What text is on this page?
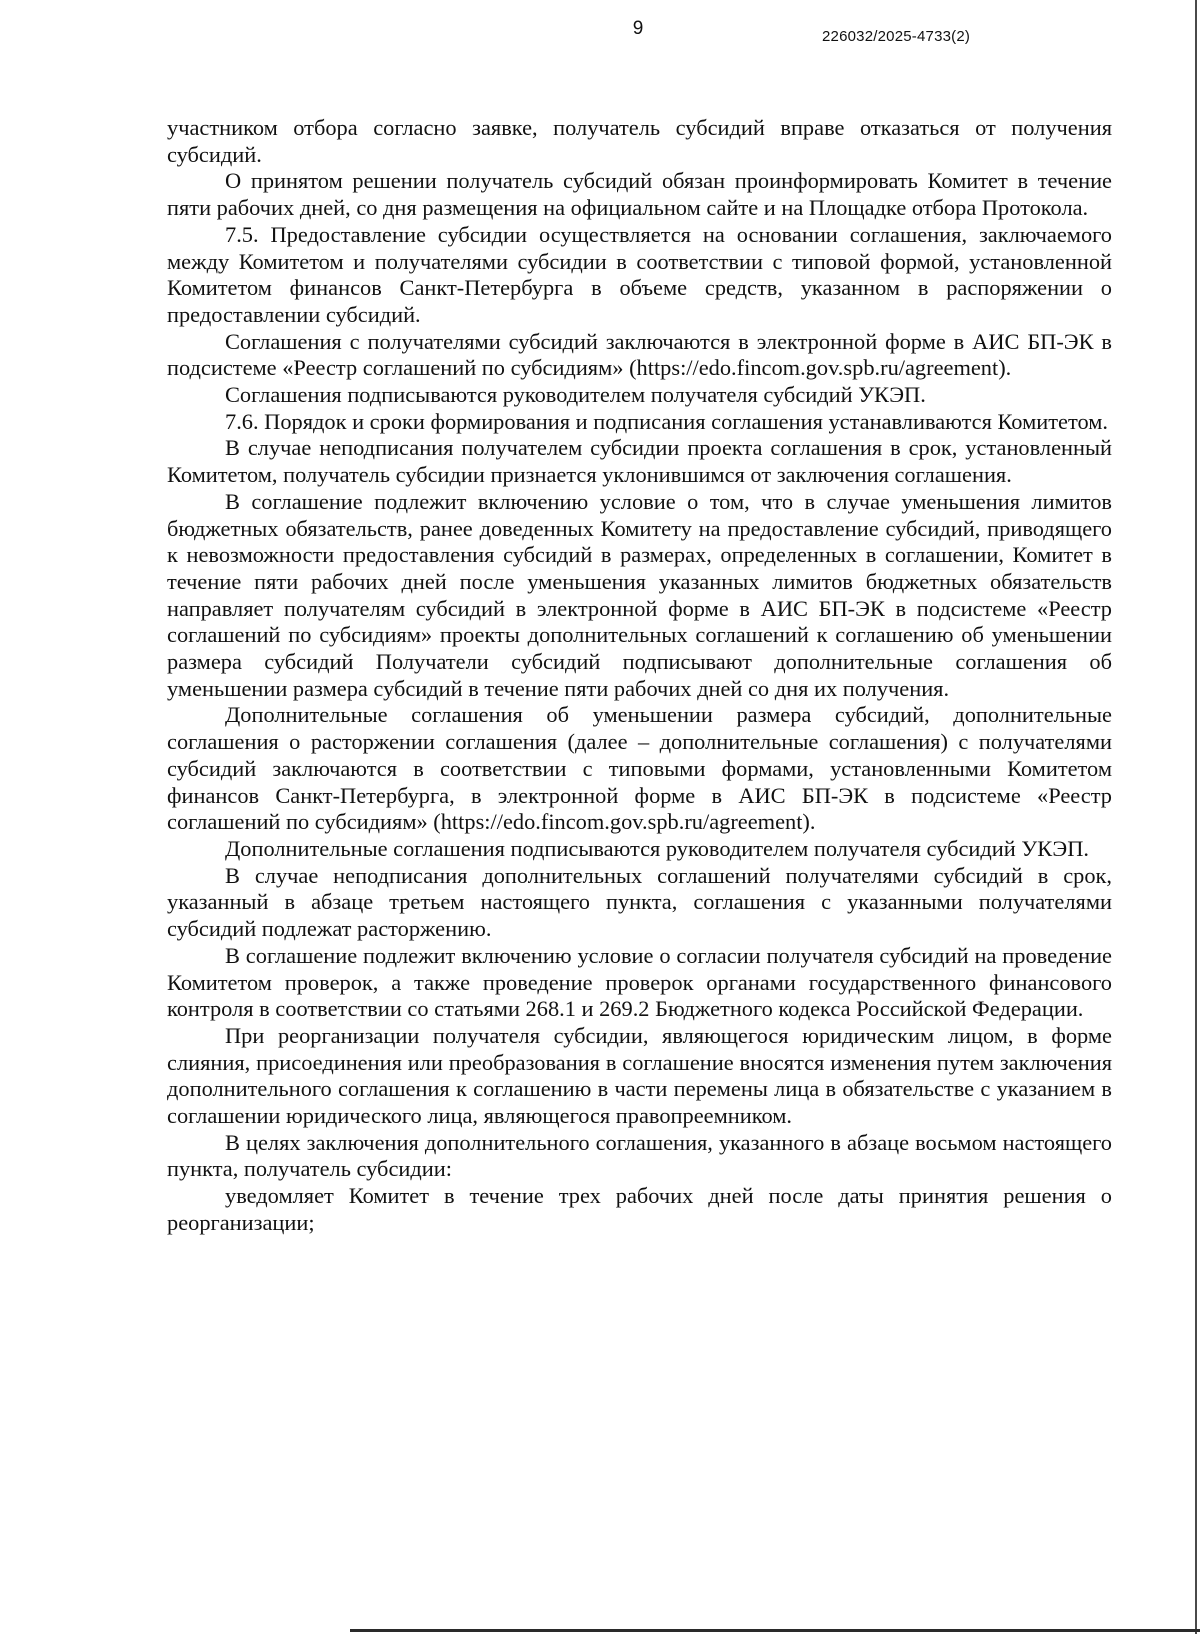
9	226032/2025-4733(2)

участником отбора согласно заявке, получатель субсидий вправе отказаться от получения субсидий.

О принятом решении получатель субсидий обязан проинформировать Комитет в течение пяти рабочих дней, со дня размещения на официальном сайте и на Площадке отбора Протокола.

7.5. Предоставление субсидии осуществляется на основании соглашения, заключаемого между Комитетом и получателями субсидии в соответствии с типовой формой, установленной Комитетом финансов Санкт-Петербурга в объеме средств, указанном в распоряжении о предоставлении субсидий.

Соглашения с получателями субсидий заключаются в электронной форме в АИС БП-ЭК в подсистеме «Реестр соглашений по субсидиям» (https://edo.fincom.gov.spb.ru/agreement).

Соглашения подписываются руководителем получателя субсидий УКЭП.

7.6. Порядок и сроки формирования и подписания соглашения устанавливаются Комитетом.

В случае неподписания получателем субсидии проекта соглашения в срок, установленный Комитетом, получатель субсидии признается уклонившимся от заключения соглашения.

В соглашение подлежит включению условие о том, что в случае уменьшения лимитов бюджетных обязательств, ранее доведенных Комитету на предоставление субсидий, приводящего к невозможности предоставления субсидий в размерах, определенных в соглашении, Комитет в течение пяти рабочих дней после уменьшения указанных лимитов бюджетных обязательств направляет получателям субсидий в электронной форме в АИС БП-ЭК в подсистеме «Реестр соглашений по субсидиям» проекты дополнительных соглашений к соглашению об уменьшении размера субсидий Получатели субсидий подписывают дополнительные соглашения об уменьшении размера субсидий в течение пяти рабочих дней со дня их получения.

Дополнительные соглашения об уменьшении размера субсидий, дополнительные соглашения о расторжении соглашения (далее – дополнительные соглашения) с получателями субсидий заключаются в соответствии с типовыми формами, установленными Комитетом финансов Санкт-Петербурга, в электронной форме в АИС БП-ЭК в подсистеме «Реестр соглашений по субсидиям» (https://edo.fincom.gov.spb.ru/agreement).

Дополнительные соглашения подписываются руководителем получателя субсидий УКЭП.

В случае неподписания дополнительных соглашений получателями субсидий в срок, указанный в абзаце третьем настоящего пункта, соглашения с указанными получателями субсидий подлежат расторжению.

В соглашение подлежит включению условие о согласии получателя субсидий на проведение Комитетом проверок, а также проведение проверок органами государственного финансового контроля в соответствии со статьями 268.1 и 269.2 Бюджетного кодекса Российской Федерации.

При реорганизации получателя субсидии, являющегося юридическим лицом, в форме слияния, присоединения или преобразования в соглашение вносятся изменения путем заключения дополнительного соглашения к соглашению в части перемены лица в обязательстве с указанием в соглашении юридического лица, являющегося правопреемником.

В целях заключения дополнительного соглашения, указанного в абзаце восьмом настоящего пункта, получатель субсидии:

уведомляет Комитет в течение трех рабочих дней после даты принятия решения о реорганизации;
